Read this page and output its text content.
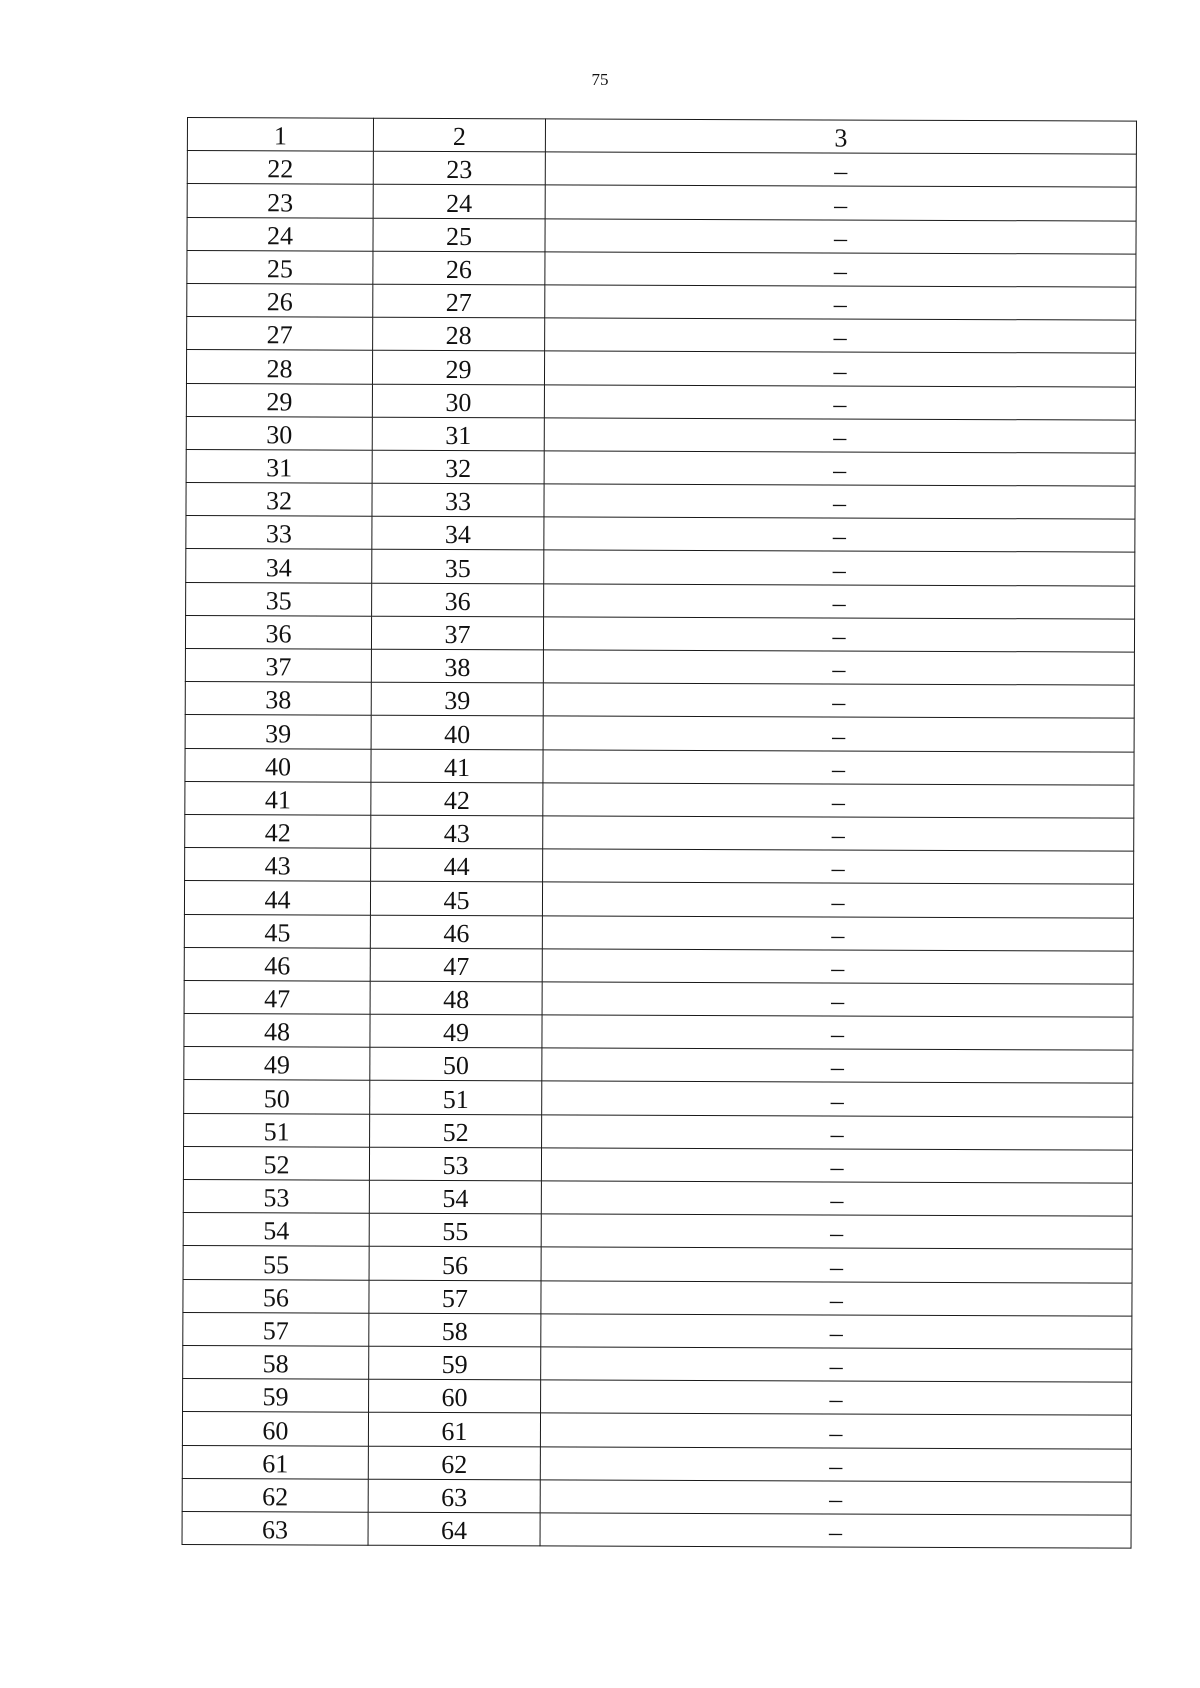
75
1	2	3
22	23	–
23	24	–
24	25	–
25	26	–
26	27	–
27	28	–
28	29	–
29	30	–
30	31	–
31	32	–
32	33	–
33	34	–
34	35	–
35	36	–
36	37	–
37	38	–
38	39	–
39	40	–
40	41	–
41	42	–
42	43	–
43	44	–
44	45	–
45	46	–
46	47	–
47	48	–
48	49	–
49	50	–
50	51	–
51	52	–
52	53	–
53	54	–
54	55	–
55	56	–
56	57	–
57	58	–
58	59	–
59	60	–
60	61	–
61	62	–
62	63	–
63	64	–
